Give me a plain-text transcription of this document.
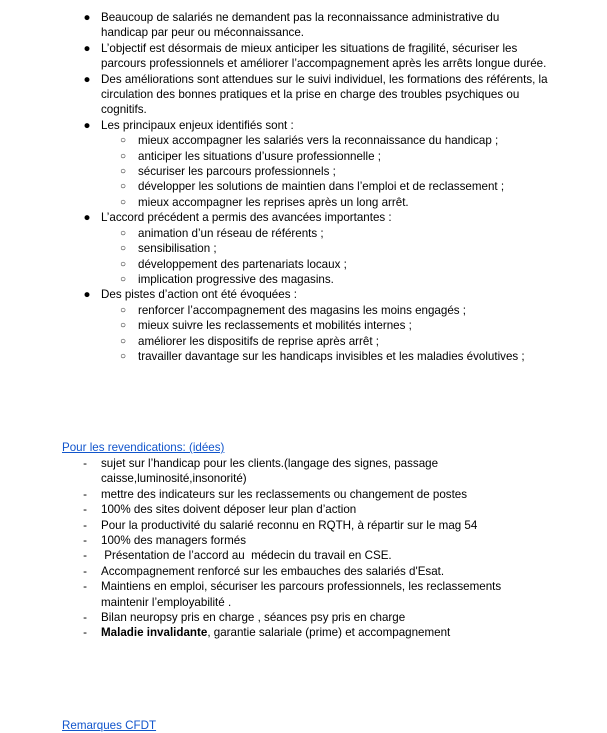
● Beaucoup de salariés ne demandent pas la reconnaissance administrative du handicap par peur ou méconnaissance.
● L’objectif est désormais de mieux anticiper les situations de fragilité, sécuriser les parcours professionnels et améliorer l’accompagnement après les arrêts longue durée.
● Des améliorations sont attendues sur le suivi individuel, les formations des référents, la circulation des bonnes pratiques et la prise en charge des troubles psychiques ou cognitifs.
● Les principaux enjeux identifiés sont :
○ mieux accompagner les salariés vers la reconnaissance du handicap ;
○ anticiper les situations d’usure professionnelle ;
○ sécuriser les parcours professionnels ;
○ développer les solutions de maintien dans l’emploi et de reclassement ;
○ mieux accompagner les reprises après un long arrêt.
● L’accord précédent a permis des avancées importantes :
○ animation d’un réseau de référents ;
○ sensibilisation ;
○ développement des partenariats locaux ;
○ implication progressive des magasins.
● Des pistes d’action ont été évoquées :
○ renforcer l’accompagnement des magasins les moins engagés ;
○ mieux suivre les reclassements et mobilités internes ;
○ améliorer les dispositifs de reprise après arrêt ;
○ travailler davantage sur les handicaps invisibles et les maladies évolutives ;
Pour les revendications: (idées)
- sujet sur l’handicap pour les clients.(langage des signes, passage caisse,luminosité,insonorité)
- mettre des indicateurs sur les reclassements ou changement de postes
- 100% des sites doivent déposer leur plan d’action
- Pour la productivité du salarié reconnu en RQTH, à répartir sur le mag 54
- 100% des managers formés
- Présentation de l’accord au  médecin du travail en CSE.
- Accompagnement renforcé sur les embauches des salariés d'Esat.
- Maintiens en emploi, sécuriser les parcours professionnels, les reclassements maintenir l’employabilité .
- Bilan neuropsy pris en charge , séances psy pris en charge
- Maladie invalidante, garantie salariale (prime) et accompagnement
Remarques CFDT
